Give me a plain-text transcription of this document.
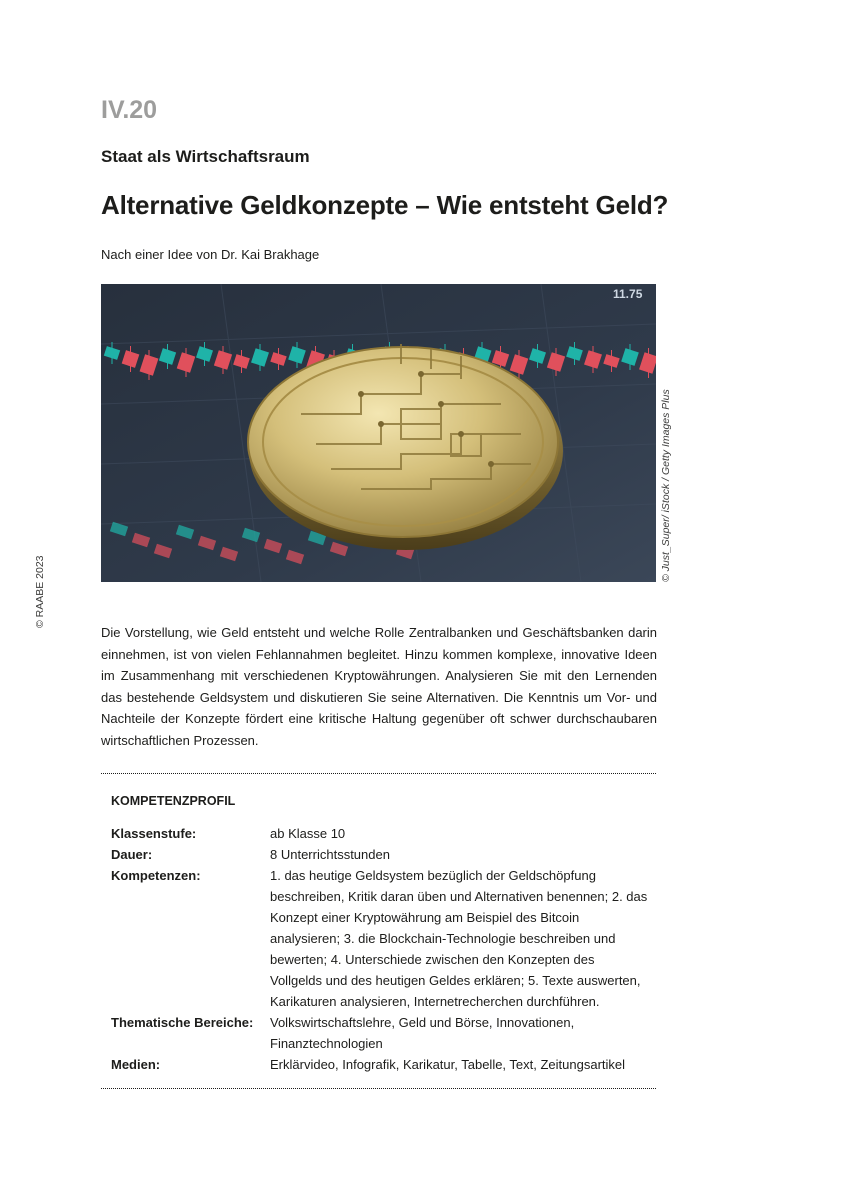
IV.20
Staat als Wirtschaftsraum
Alternative Geldkonzepte – Wie entsteht Geld?
Nach einer Idee von Dr. Kai Brakhage
11.75
© Just_Super/ iStock / Getty Images Plus
© RAABE 2023

Die Vorstellung, wie Geld entsteht und welche Rolle Zentralbanken und Geschäftsbanken darin einnehmen, ist von vielen Fehlannahmen begleitet. Hinzu kommen komplexe, innovative Ideen im Zusammenhang mit verschiedenen Kryptowährungen. Analysieren Sie mit den Lernenden das bestehende Geldsystem und diskutieren Sie seine Alternativen. Die Kenntnis um Vor- und Nachteile der Konzepte fördert eine kritische Haltung gegenüber oft schwer durchschaubaren wirtschaftlichen Prozessen.

KOMPETENZPROFIL
Klassenstufe:	ab Klasse 10
Dauer:	8 Unterrichtsstunden
Kompetenzen:	1. das heutige Geldsystem bezüglich der Geldschöpfung beschreiben, Kritik daran üben und Alternativen benennen; 2. das Konzept einer Kryptowährung am Beispiel des Bitcoin analysieren; 3. die Blockchain-Technologie beschreiben und bewerten; 4. Unterschiede zwischen den Konzepten des Vollgelds und des heutigen Geldes erklären; 5. Texte auswerten, Karikaturen analysieren, Internetrecherchen durchführen.
Thematische Bereiche:	Volkswirtschaftslehre, Geld und Börse, Innovationen, Finanztechnologien
Medien:	Erklärvideo, Infografik, Karikatur, Tabelle, Text, Zeitungsartikel
